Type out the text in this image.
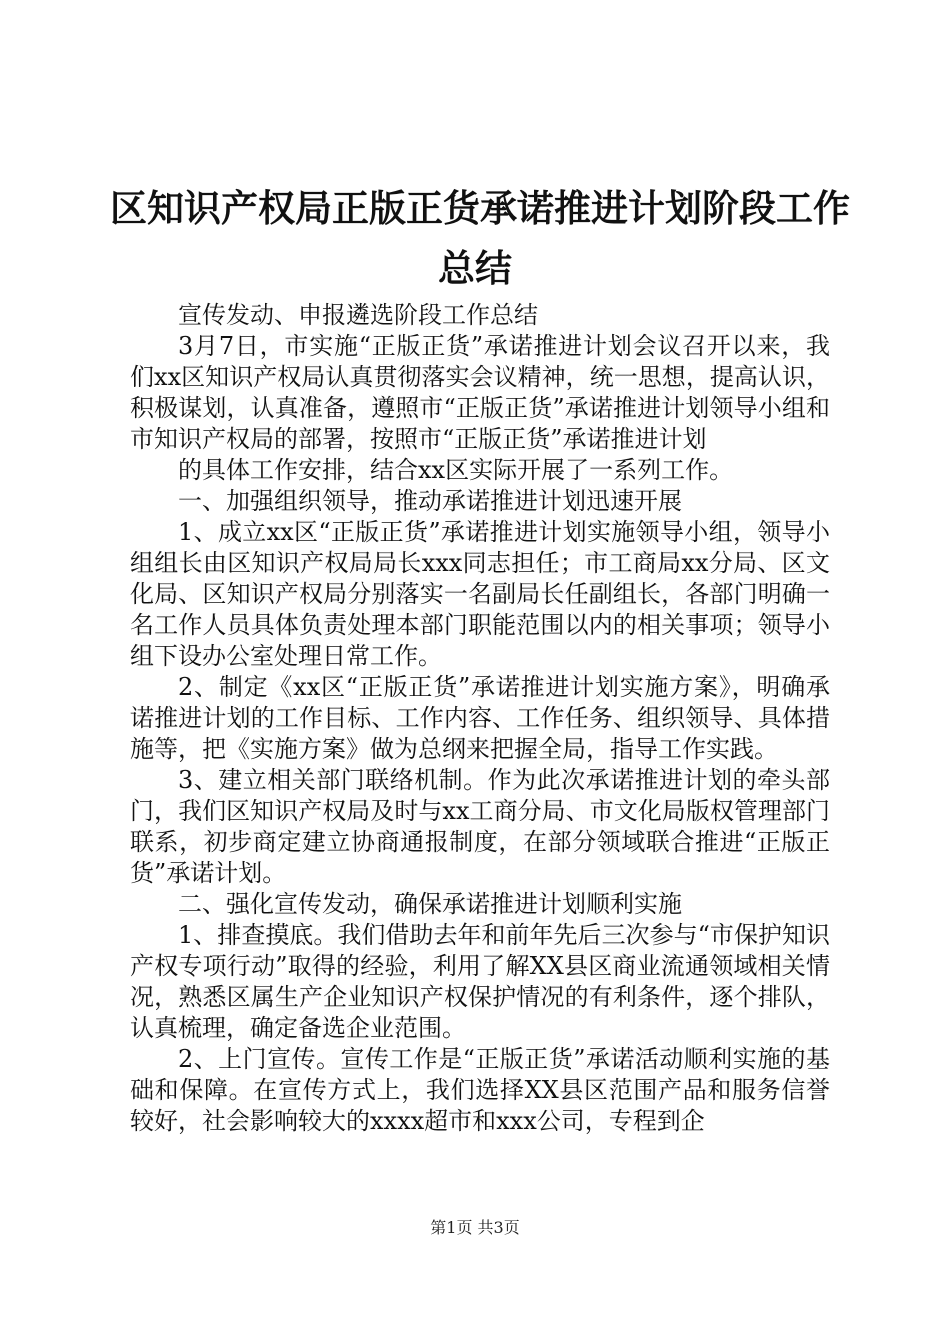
区知识产权局正版正货承诺推进计划阶段工作
总结

宣传发动、申报遴选阶段工作总结

3月7日，市实施“正版正货”承诺推进计划会议召开以来，我们xx区知识产权局认真贯彻落实会议精神，统一思想，提高认识，积极谋划，认真准备，遵照市“正版正货”承诺推进计划领导小组和市知识产权局的部署，按照市“正版正货”承诺推进计划

的具体工作安排，结合xx区实际开展了一系列工作。

一、加强组织领导，推动承诺推进计划迅速开展

1、成立xx区“正版正货”承诺推进计划实施领导小组，领导小组组长由区知识产权局局长xxx同志担任；市工商局xx分局、区文化局、区知识产权局分别落实一名副局长任副组长，各部门明确一名工作人员具体负责处理本部门职能范围以内的相关事项；领导小组下设办公室处理日常工作。

2、制定《xx区“正版正货”承诺推进计划实施方案》，明确承诺推进计划的工作目标、工作内容、工作任务、组织领导、具体措施等，把《实施方案》做为总纲来把握全局，指导工作实践。

3、建立相关部门联络机制。作为此次承诺推进计划的牵头部门，我们区知识产权局及时与xx工商分局、市文化局版权管理部门联系，初步商定建立协商通报制度，在部分领域联合推进“正版正货”承诺计划。

二、强化宣传发动，确保承诺推进计划顺利实施

1、排查摸底。我们借助去年和前年先后三次参与“市保护知识产权专项行动”取得的经验，利用了解XX县区商业流通领域相关情况，熟悉区属生产企业知识产权保护情况的有利条件，逐个排队，认真梳理，确定备选企业范围。

2、上门宣传。宣传工作是“正版正货”承诺活动顺利实施的基础和保障。在宣传方式上，我们选择XX县区范围产品和服务信誉较好，社会影响较大的xxxx超市和xxx公司，专程到企

第1页 共3页
